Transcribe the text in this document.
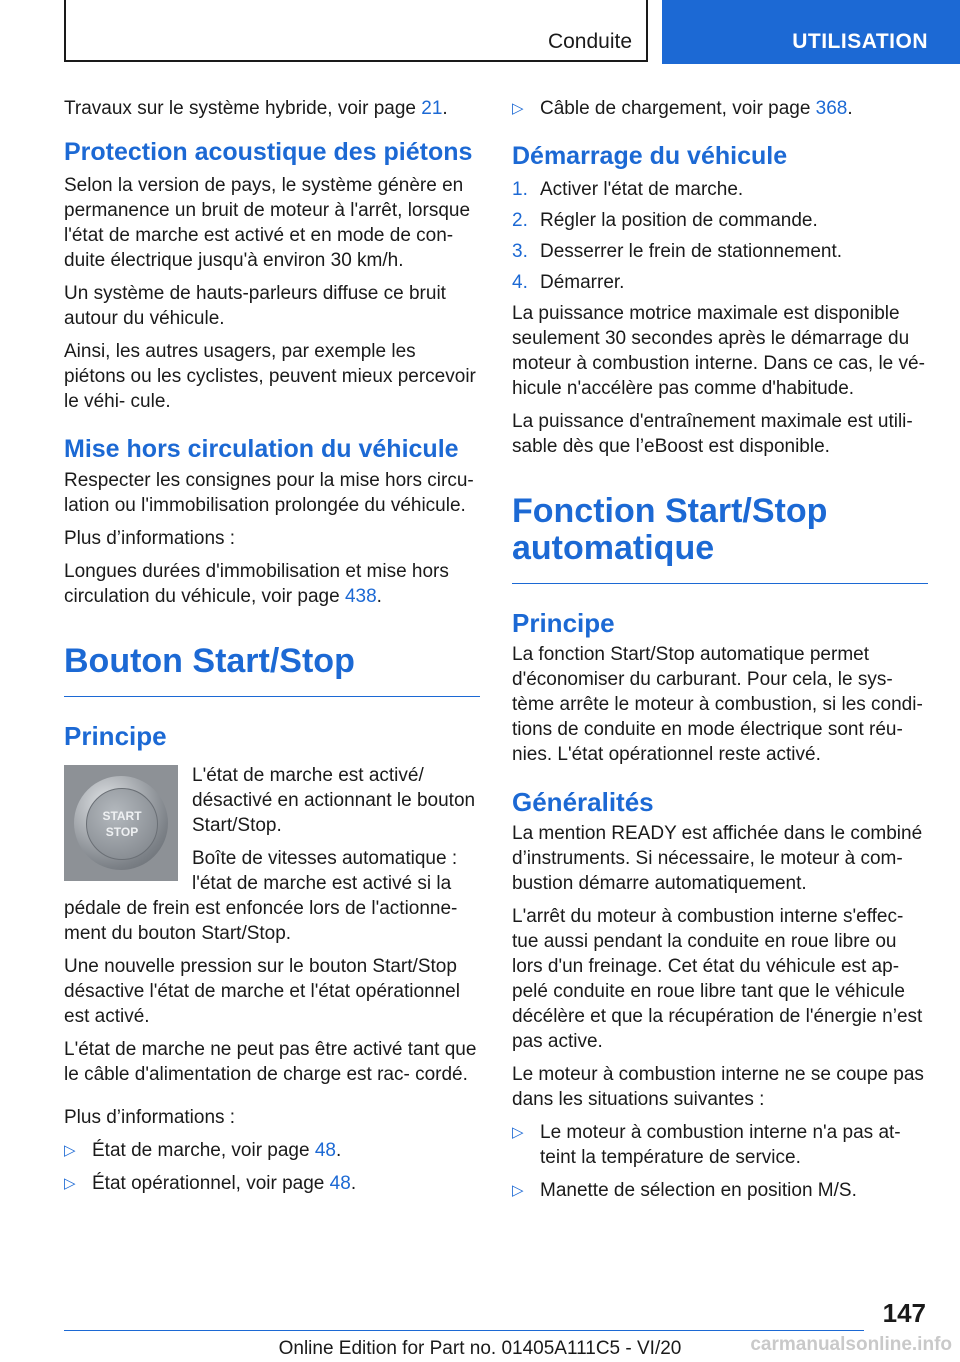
Conduite	UTILISATION

Travaux sur le système hybride, voir page 21.

Protection acoustique des piétons

Selon la version de pays, le système génère en permanence un bruit de moteur à l'arrêt, lorsque l'état de marche est activé et en mode de con- duite électrique jusqu'à environ 30 km/h.

Un système de hauts-parleurs diffuse ce bruit autour du véhicule.

Ainsi, les autres usagers, par exemple les piétons ou les cyclistes, peuvent mieux percevoir le véhi- cule.

Mise hors circulation du véhicule

Respecter les consignes pour la mise hors circu- lation ou l'immobilisation prolongée du véhicule.

Plus d’informations :

Longues durées d'immobilisation et mise hors circulation du véhicule, voir page 438.

Bouton Start/Stop
Principe
START
STOP

L'état de marche est activé/ désactivé en actionnant le bouton Start/Stop.

Boîte de vitesses automatique : l'état de marche est activé si la pédale de frein est enfoncée lors de l'actionne- ment du bouton Start/Stop.

Une nouvelle pression sur le bouton Start/Stop désactive l'état de marche et l'état opérationnel est activé.

L'état de marche ne peut pas être activé tant que le câble d'alimentation de charge est rac- cordé.

Plus d’informations :

▷ État de marche, voir page 48.
▷ État opérationnel, voir page 48.
▷ Câble de chargement, voir page 368.
Démarrage du véhicule
1. Activer l'état de marche.
2. Régler la position de commande.
3. Desserrer le frein de stationnement.
4. Démarrer.

La puissance motrice maximale est disponible seulement 30 secondes après le démarrage du moteur à combustion interne. Dans ce cas, le vé- hicule n'accélère pas comme d'habitude.

La puissance d'entraînement maximale est utili- sable dès que l’eBoost est disponible.

Fonction Start/Stop automatique
Principe

La fonction Start/Stop automatique permet d'économiser du carburant. Pour cela, le sys- tème arrête le moteur à combustion, si les condi- tions de conduite en mode électrique sont réu- nies. L'état opérationnel reste activé.

Généralités

La mention READY est affichée dans le combiné d’instruments. Si nécessaire, le moteur à com- bustion démarre automatiquement.

L'arrêt du moteur à combustion interne s'effec- tue aussi pendant la conduite en roue libre ou lors d'un freinage. Cet état du véhicule est ap- pelé conduite en roue libre tant que le véhicule décélère et que la récupération de l'énergie n’est pas active.

Le moteur à combustion interne ne se coupe pas dans les situations suivantes :

▷ Le moteur à combustion interne n'a pas at- teint la température de service.
▷ Manette de sélection en position M/S.
147
Online Edition for Part no. 01405A111C5 - VI/20	carmanualsonline.info
